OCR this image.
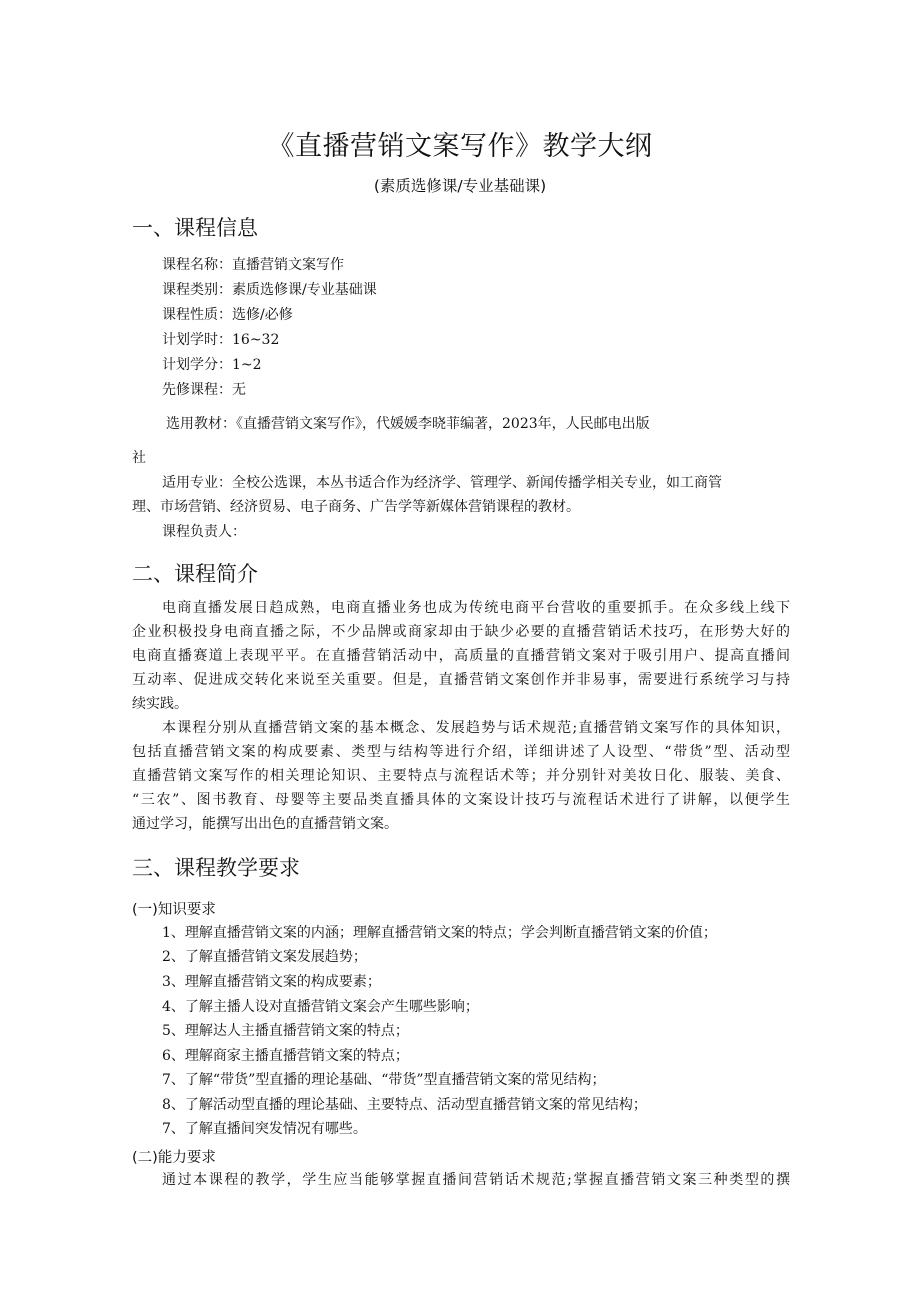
《直播营销文案写作》教学大纲
(素质选修课/专业基础课)
一、课程信息
课程名称：直播营销文案写作
课程类别：素质选修课/专业基础课
课程性质：选修/必修
计划学时：16~32
计划学分：1~2
先修课程：无
选用教材：《直播营销文案写作》，代媛媛李晓菲编著，2023年，人民邮电出版
社
适用专业：全校公选课，本丛书适合作为经济学、管理学、新闻传播学相关专业，如工商管
理、市场营销、经济贸易、电子商务、广告学等新媒体营销课程的教材。
课程负责人：
二、课程简介
电商直播发展日趋成熟，电商直播业务也成为传统电商平台营收的重要抓手。在众多线上线下
企业积极投身电商直播之际，不少品牌或商家却由于缺少必要的直播营销话术技巧，在形势大好的
电商直播赛道上表现平平。在直播营销活动中，高质量的直播营销文案对于吸引用户、提高直播间
互动率、促进成交转化来说至关重要。但是，直播营销文案创作并非易事，需要进行系统学习与持
续实践。
本课程分别从直播营销文案的基本概念、发展趋势与话术规范;直播营销文案写作的具体知识，
包括直播营销文案的构成要素、类型与结构等进行介绍，详细讲述了人设型、“带货”型、活动型
直播营销文案写作的相关理论知识、主要特点与流程话术等；并分别针对美妆日化、服装、美食、
“三农”、图书教育、母婴等主要品类直播具体的文案设计技巧与流程话术进行了讲解，以便学生
通过学习，能撰写出出色的直播营销文案。
三、课程教学要求
(一)知识要求
1、理解直播营销文案的内涵；理解直播营销文案的特点；学会判断直播营销文案的价值；
2、了解直播营销文案发展趋势；
3、理解直播营销文案的构成要素；
4、了解主播人设对直播营销文案会产生哪些影响；
5、理解达人主播直播营销文案的特点；
6、理解商家主播直播营销文案的特点；
7、了解“带货”型直播的理论基础、“带货”型直播营销文案的常见结构；
8、了解活动型直播的理论基础、主要特点、活动型直播营销文案的常见结构；
7、了解直播间突发情况有哪些。
(二)能力要求
通过本课程的教学，学生应当能够掌握直播间营销话术规范;掌握直播营销文案三种类型的撰
